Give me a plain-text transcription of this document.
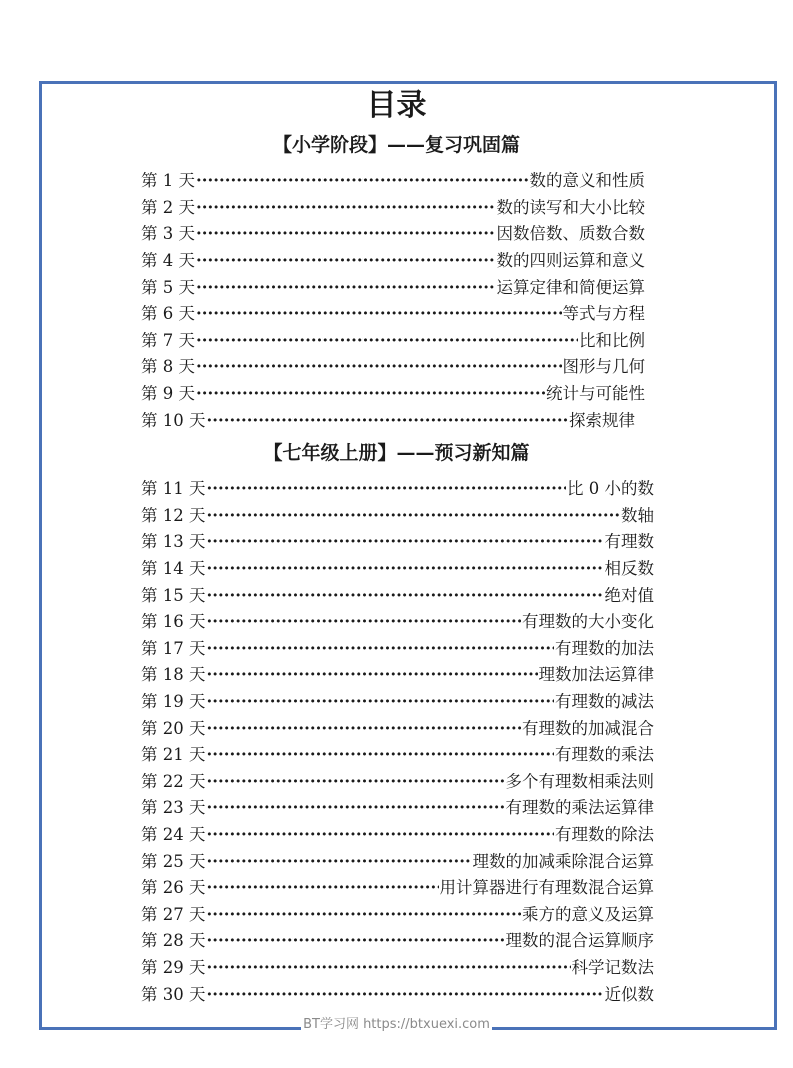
目录
【小学阶段】——复习巩固篇
第 1 天 ·····	数的意义和性质
第 2 天 ·····	数的读写和大小比较
第 3 天 ·····	因数倍数、质数合数
第 4 天 ·····	数的四则运算和意义
第 5 天 ·····	运算定律和简便运算
第 6 天 ·····	等式与方程
第 7 天 ·····	比和比例
第 8 天 ·····	图形与几何
第 9 天 ·····	统计与可能性
第 10 天 ·····	探索规律
【七年级上册】——预习新知篇
第 11 天 ·····	比 0 小的数
第 12 天 ·····	数轴
第 13 天 ·····	有理数
第 14 天 ·····	相反数
第 15 天 ·····	绝对值
第 16 天 ·····	有理数的大小变化
第 17 天 ·····	有理数的加法
第 18 天 ·····	理数加法运算律
第 19 天 ·····	有理数的减法
第 20 天 ·····	有理数的加减混合
第 21 天 ·····	有理数的乘法
第 22 天 ·····	多个有理数相乘法则
第 23 天 ·····	有理数的乘法运算律
第 24 天 ·····	有理数的除法
第 25 天 ·····	理数的加减乘除混合运算
第 26 天 ·····	用计算器进行有理数混合运算
第 27 天 ·····	乘方的意义及运算
第 28 天 ·····	理数的混合运算顺序
第 29 天 ·····	科学记数法
第 30 天 ·····	近似数
BT学习网 https://btxuexi.com
